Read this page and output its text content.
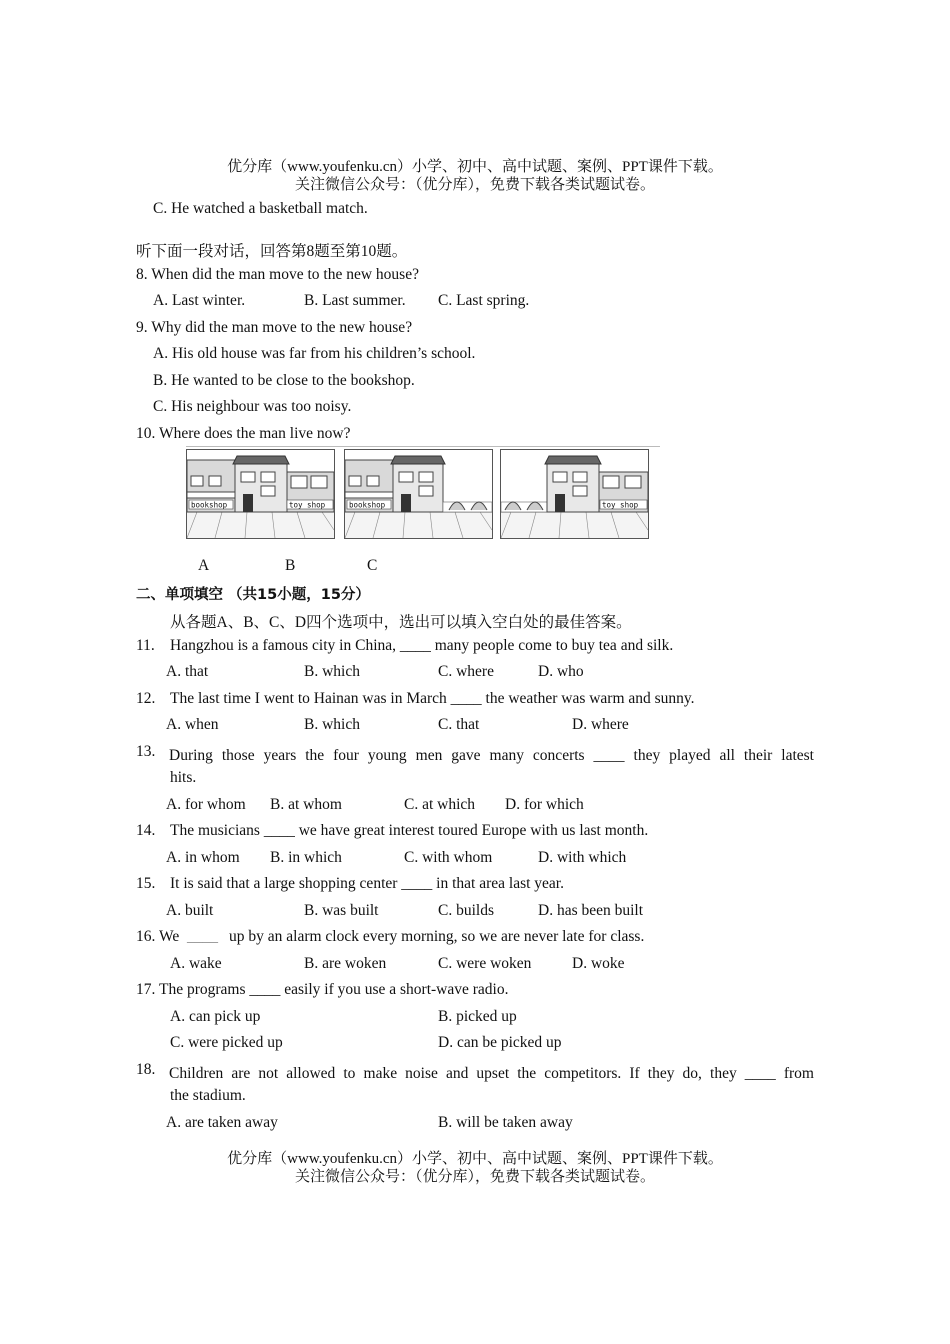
优分库（www.youfenku.cn）小学、初中、高中试题、案例、PPT课件下载。
关注微信公众号：（优分库），免费下载各类试题试卷。
C. He watched a basketball match.
听下面一段对话，回答第8题至第10题。
8. When did the man move to the new house?
A. Last winter.	B. Last summer. C. Last spring.
9. Why did the man move to the new house?
A. His old house was far from his children’s school.
B. He wanted to be close to the bookshop.
C. His neighbour was too noisy.
10. Where does the man live now?
bookshop	toy shop	bookshop	toy shop
A	B	C
二、单项填空 （共15小题，15分）
从各题A、B、C、D四个选项中，选出可以填入空白处的最佳答案。
11. Hangzhou is a famous city in China, ____ many people come to buy tea and silk.
A. that	B. which	C. where	D. who
12. The last time I went to Hainan was in March ____ the weather was warm and sunny.
A. when	B. which	C. that	D. where
13. During those years the four young men gave many concerts ____ they played all their latest
hits.
A. for whom B. at whom	C. at which D. for which
14. The musicians ____ we have great interest toured Europe with us last month.
A. in whom B. in which	C. with whom	D. with which
15. It is said that a large shopping center ____ in that area last year.
A. built	B. was built	C. builds	D. has been built
16. We ____ up by an alarm clock every morning, so we are never late for class.
A. wake	B. are woken	C. were woken	D. woke
17. The programs ____ easily if you use a short-wave radio.
A. can pick up	B. picked up
C. were picked up	D. can be picked up
18. Children are not allowed to make noise and upset the competitors. If they do, they ____ from
the stadium.
A. are taken away	B. will be taken away
优分库（www.youfenku.cn）小学、初中、高中试题、案例、PPT课件下载。
关注微信公众号：（优分库），免费下载各类试题试卷。
